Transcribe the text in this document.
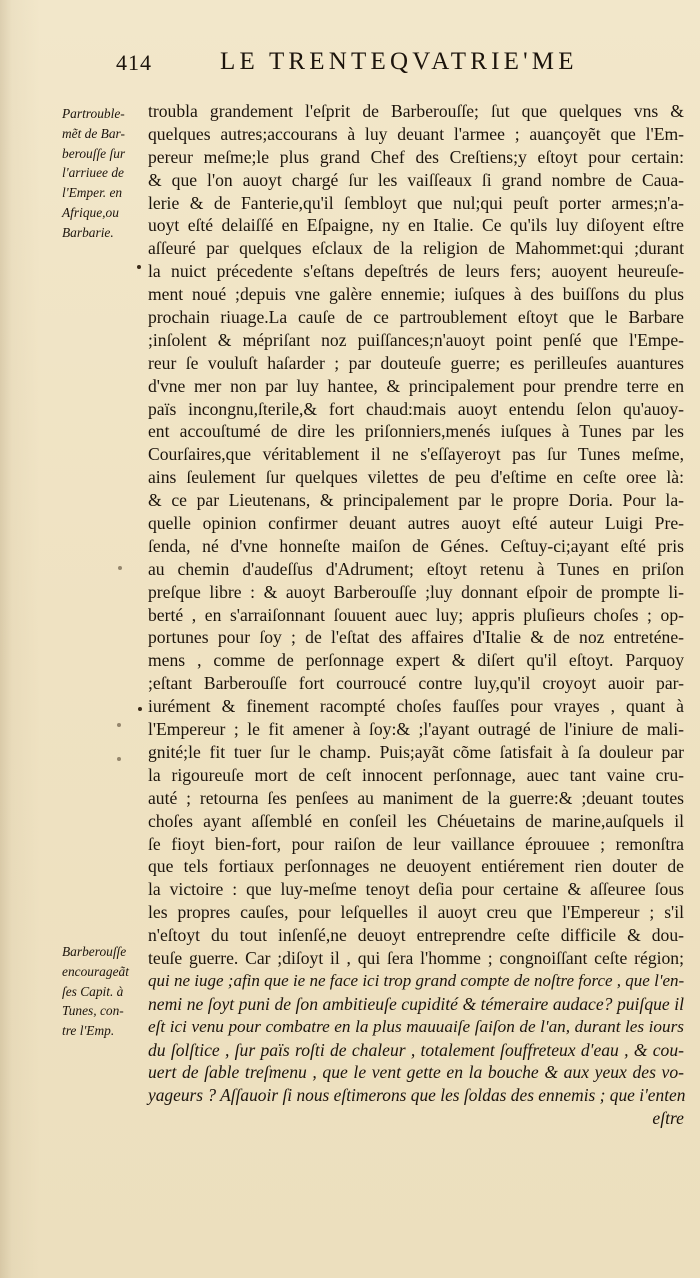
414	LE TRENTEQVATRIE'ME
Partrouble-
mẽt de Bar-
berouſſe ſur
l'arriuee de
l'Emper. en
Afrique,ou
Barbarie.
Barberouſſe
encourageãt
ſes Capit. à
Tunes, con-
tre l'Emp.
troubla grandement l'eſprit de Barberouſſe; ſut que quelques vns &
quelques autres;accourans à luy deuant l'armee ; auançoyẽt que l'Em-
pereur meſme;le plus grand Chef des Creſtiens;y eſtoyt pour certain:
& que l'on auoyt chargé ſur les vaiſſeaux ſi grand nombre de Caua-
lerie & de Fanterie,qu'il ſembloyt que nul;qui peuſt porter armes;n'a-
uoyt eſté delaiſſé en Eſpaigne, ny en Italie. Ce qu'ils luy diſoyent eſtre
aſſeuré par quelques eſclaux de la religion de Mahommet:qui ;durant
la nuict précedente s'eſtans depeſtrés de leurs fers; auoyent heureuſe-
ment noué ;depuis vne galère ennemie; iuſques à des buiſſons du plus
prochain riuage.La cauſe de ce partroublement eſtoyt que le Barbare
;inſolent & mépriſant noz puiſſances;n'auoyt point penſé que l'Empe-
reur ſe vouluſt haſarder ; par douteuſe guerre; es perilleuſes auantures
d'vne mer non par luy hantee, & principalement pour prendre terre en
païs incongnu,ſterile,& fort chaud:mais auoyt entendu ſelon qu'auoy-
ent accouſtumé de dire les priſonniers,menés iuſques à Tunes par les
Courſaires,que véritablement il ne s'eſſayeroyt pas ſur Tunes meſme,
ains ſeulement ſur quelques vilettes de peu d'eſtime en ceſte oree là:
& ce par Lieutenans, & principalement par le propre Doria. Pour la-
quelle opinion confirmer deuant autres auoyt eſté auteur Luigi Pre-
ſenda, né d'vne honneſte maiſon de Génes. Ceſtuy-ci;ayant eſté pris
au chemin d'audeſſus d'Adrument; eſtoyt retenu à Tunes en priſon
preſque libre : & auoyt Barberouſſe ;luy donnant eſpoir de prompte li-
berté , en s'arraiſonnant ſouuent auec luy; appris pluſieurs choſes ; op-
portunes pour ſoy ; de l'eſtat des affaires d'Italie & de noz entreténe-
mens , comme de perſonnage expert & diſert qu'il eſtoyt. Parquoy
;eſtant Barberouſſe fort courroucé contre luy,qu'il croyoyt auoir par-
iurément & finement racompté choſes fauſſes pour vrayes , quant à
l'Empereur ; le fit amener à ſoy:& ;l'ayant outragé de l'iniure de mali-
gnité;le fit tuer ſur le champ. Puis;ayãt cõme ſatisfait à ſa douleur par
la rigoureuſe mort de ceſt innocent perſonnage, auec tant vaine cru-
auté ; retourna ſes penſees au maniment de la guerre:& ;deuant toutes
choſes ayant aſſemblé en conſeil les Chéuetains de marine,auſquels il
ſe fioyt bien-fort, pour raiſon de leur vaillance éprouuee ; remonſtra
que tels fortiaux perſonnages ne deuoyent entiérement rien douter de
la victoire : que luy-meſme tenoyt deſia pour certaine & aſſeuree ſous
les propres cauſes, pour leſquelles il auoyt creu que l'Empereur ; s'il
n'eſtoyt du tout inſenſé,ne deuoyt entreprendre ceſte difficile & dou-
teuſe guerre. Car ;diſoyt il , qui ſera l'homme ; congnoiſſant ceſte région;
qui ne iuge ;afin que ie ne face ici trop grand compte de noſtre force , que l'en-
nemi ne ſoyt puni de ſon ambitieuſe cupidité & témeraire audace? puiſque il
eſt ici venu pour combatre en la plus mauuaiſe ſaiſon de l'an, durant les iours
du ſolſtice , ſur païs roſti de chaleur , totalement ſouffreteux d'eau , & cou-
uert de ſable treſmenu , que le vent gette en la bouche & aux yeux des vo-
yageurs ? Aſſauoir ſi nous eſtimerons que les ſoldas des ennemis ; que i'enten
eſtre
